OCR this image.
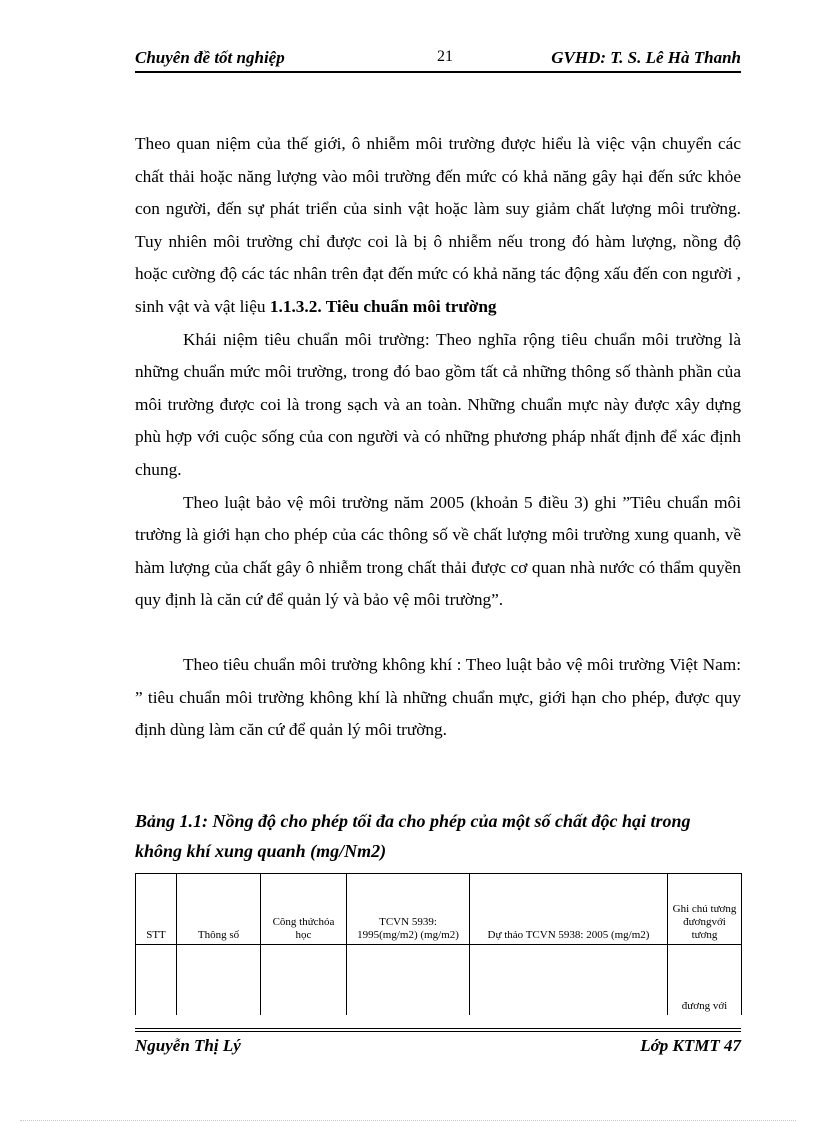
Chuyên đề tốt nghiệp	21	GVHD: T. S. Lê Hà Thanh

Theo quan niệm của thế giới, ô nhiễm môi trường được hiểu là việc vận chuyển các chất thải hoặc năng lượng vào môi trường đến mức có khả năng gây hại đến sức khỏe con người, đến sự phát triển của sinh vật hoặc làm suy giảm chất lượng môi trường. Tuy nhiên môi trường chỉ được coi là bị ô nhiễm nếu trong đó hàm lượng, nồng độ hoặc cường độ các tác nhân trên đạt đến mức có khả năng tác động xấu đến con người , sinh vật và vật liệu 1.1.3.2. Tiêu chuẩn môi trường

Khái niệm tiêu chuẩn môi trường: Theo nghĩa rộng tiêu chuẩn môi trường là những chuẩn mức môi trường, trong đó bao gồm tất cả những thông số thành phần của môi trường được coi là trong sạch và an toàn. Những chuẩn mực này được xây dựng phù hợp với cuộc sống của con người và có những phương pháp nhất định để xác định chung.

Theo luật bảo vệ môi trường năm 2005 (khoản 5 điều 3) ghi ”Tiêu chuẩn môi trường là giới hạn cho phép của các thông số về chất lượng môi trường xung quanh, về hàm lượng của chất gây ô nhiễm trong chất thải được cơ quan nhà nước có thẩm quyền quy định là căn cứ để quản lý và bảo vệ môi trường”.

Theo tiêu chuẩn môi trường không khí : Theo luật bảo vệ môi trường Việt Nam: ” tiêu chuẩn môi trường không khí là những chuẩn mực, giới hạn cho phép, được quy định dùng làm căn cứ để quản lý môi trường.

Bảng 1.1: Nồng độ cho phép tối đa cho phép của một số chất độc hại trong không khí xung quanh (mg/Nm2)
STT	Thông số	Công thứchóa học	TCVN 5939: 1995(mg/m2) (mg/m2)	Dự thảo TCVN 5938: 2005 (mg/m2)	Ghi chú tương đươngvới tương
					đương với
Nguyễn Thị Lý	Lớp KTMT 47
